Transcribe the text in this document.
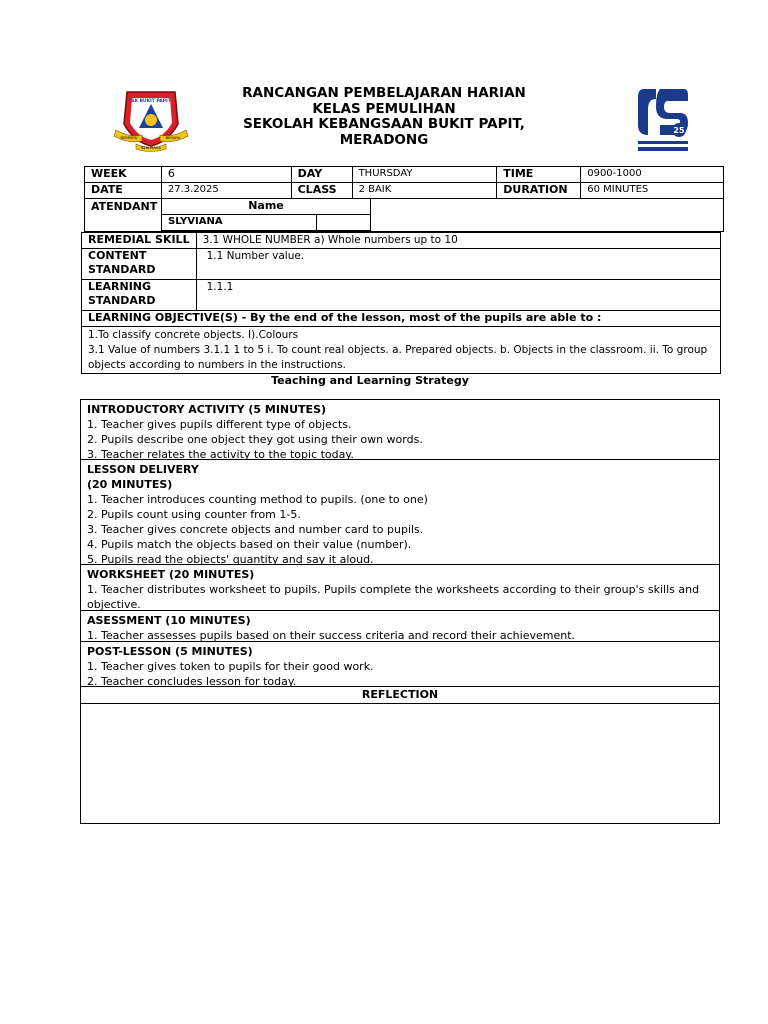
SK BUKIT PAPIT
BERPADU	BERJAYA
BERUSAHA
RANCANGAN PEMBELAJARAN HARIAN
KELAS PEMULIHAN
SEKOLAH KEBANGSAAN BUKIT PAPIT,
MERADONG
25
WEEK	6	DAY	THURSDAY	TIME	0900-1000
DATE	27.3.2025	CLASS	2 BAIK	DURATION	60 MINUTES
ATENDANT	Name
SLYVIANA	
REMEDIAL SKILL	3.1 WHOLE NUMBER a) Whole numbers up to 10

CONTENT
STANDARD	1.1 Number value.

LEARNING
STANDARD	1.1.1
LEARNING OBJECTIVE(S) - By the end of the lesson, most of the pupils are able to :	

1.To classify concrete objects. I).Colours
3.1 Value of numbers 3.1.1 1 to 5 i. To count real objects. a. Prepared objects. b. Objects in the classroom. ii. To group
objects according to numbers in the instructions.	
Teaching and Learning Strategy
INTRODUCTORY ACTIVITY (5 MINUTES)
1. Teacher gives pupils different type of objects.
2. Pupils describe one object they got using their own words.
3. Teacher relates the activity to the topic today.
LESSON DELIVERY
(20 MINUTES)
1. Teacher introduces counting method to pupils. (one to one)
2. Pupils count using counter from 1-5.
3. Teacher gives concrete objects and number card to pupils.
4. Pupils match the objects based on their value (number).
5. Pupils read the objects' quantity and say it aloud.
WORKSHEET (20 MINUTES)
1. Teacher distributes worksheet to pupils. Pupils complete the worksheets according to their group's skills and
objective.
ASESSMENT (10 MINUTES)
1. Teacher assesses pupils based on their success criteria and record their achievement.
POST-LESSON (5 MINUTES)
1. Teacher gives token to pupils for their good work.
2. Teacher concludes lesson for today.
REFLECTION
